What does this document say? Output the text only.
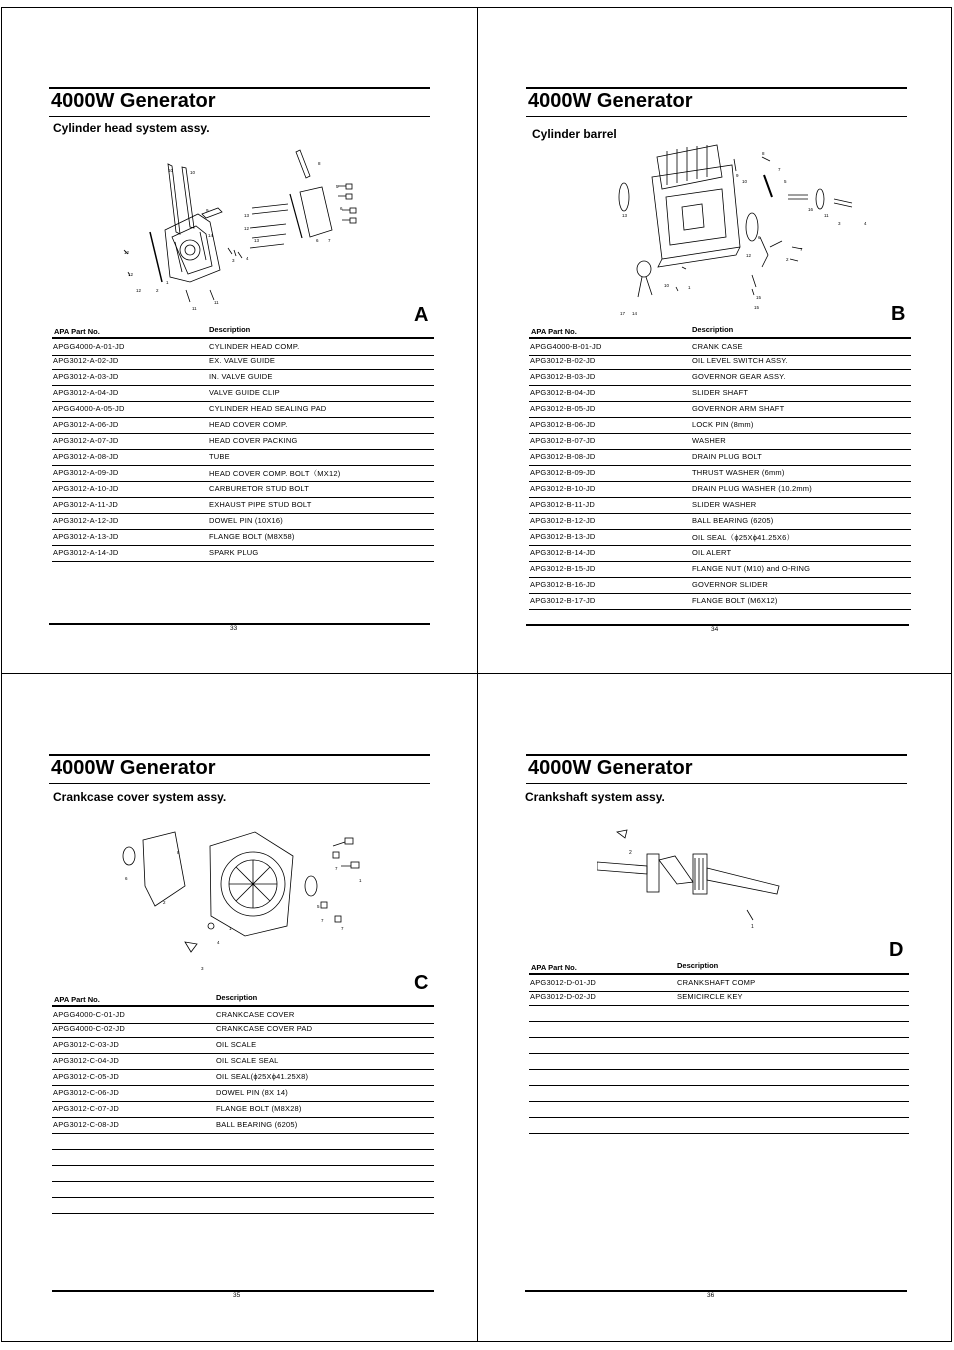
4000W Generator
Cylinder head system assy.
10	10
8
9
14
13
12
5
6
12
12
12
13
3	4
1
2
6 7
11
11
A
APA Part No.	Description
APGG4000-A-01-JD	CYLINDER HEAD COMP.
APG3012-A-02-JD	EX. VALVE GUIDE
APG3012-A-03-JD	IN. VALVE GUIDE
APG3012-A-04-JD	VALVE GUIDE CLIP
APGG4000-A-05-JD	CYLINDER HEAD SEALING PAD
APG3012-A-06-JD	HEAD COVER COMP.
APG3012-A-07-JD	HEAD COVER PACKING
APG3012-A-08-JD	TUBE
APG3012-A-09-JD	HEAD COVER COMP. BOLT（MX12)
APG3012-A-10-JD	CARBURETOR STUD BOLT
APG3012-A-11-JD	EXHAUST PIPE STUD BOLT
APG3012-A-12-JD	DOWEL PIN (10X16)
APG3012-A-13-JD	FLANGE BOLT (M8X58)
APG3012-A-14-JD	SPARK PLUG
33
4000W Generator
Cylinder barrel
8
9
10
13
7
5
16
11
3	4
6
2
7
12
17 14
10
15
15
1
B
APA Part No.	Description
APGG4000-B-01-JD	CRANK CASE
APG3012-B-02-JD	OIL LEVEL SWITCH ASSY.
APG3012-B-03-JD	GOVERNOR GEAR ASSY.
APG3012-B-04-JD	SLIDER SHAFT
APG3012-B-05-JD	GOVERNOR ARM SHAFT
APG3012-B-06-JD	LOCK PIN (8mm)
APG3012-B-07-JD	WASHER
APG3012-B-08-JD	DRAIN PLUG BOLT
APG3012-B-09-JD	THRUST WASHER (6mm)
APG3012-B-10-JD	DRAIN PLUG WASHER (10.2mm)
APG3012-B-11-JD	SLIDER WASHER
APG3012-B-12-JD	BALL BEARING (6205)
APG3012-B-13-JD	OIL SEAL（ϕ25Xϕ41.25X6）
APG3012-B-14-JD	OIL ALERT
APG3012-B-15-JD	FLANGE NUT (M10) and O-RING
APG3012-B-16-JD	GOVERNOR SLIDER
APG3012-B-17-JD	FLANGE BOLT (M6X12)
34
4000W Generator
Crankcase cover system assy.
6
8
2
5
1
7
4
3
7
7
1
C
APA Part No.	Description
APGG4000-C-01-JD	CRANKCASE COVER
APGG4000-C-02-JD	CRANKCASE COVER PAD
APG3012-C-03-JD	OIL SCALE
APG3012-C-04-JD	OIL SCALE SEAL
APG3012-C-05-JD	OIL SEAL(ϕ25Xϕ41.25X8)
APG3012-C-06-JD	DOWEL PIN (8X 14)
APG3012-C-07-JD	FLANGE BOLT (M8X28)
APG3012-C-08-JD	BALL BEARING (6205)
35
4000W Generator
Crankshaft system assy.
2
1
D
APA Part No.	Description
APG3012-D-01-JD	CRANKSHAFT COMP
APG3012-D-02-JD	SEMICIRCLE KEY
36
